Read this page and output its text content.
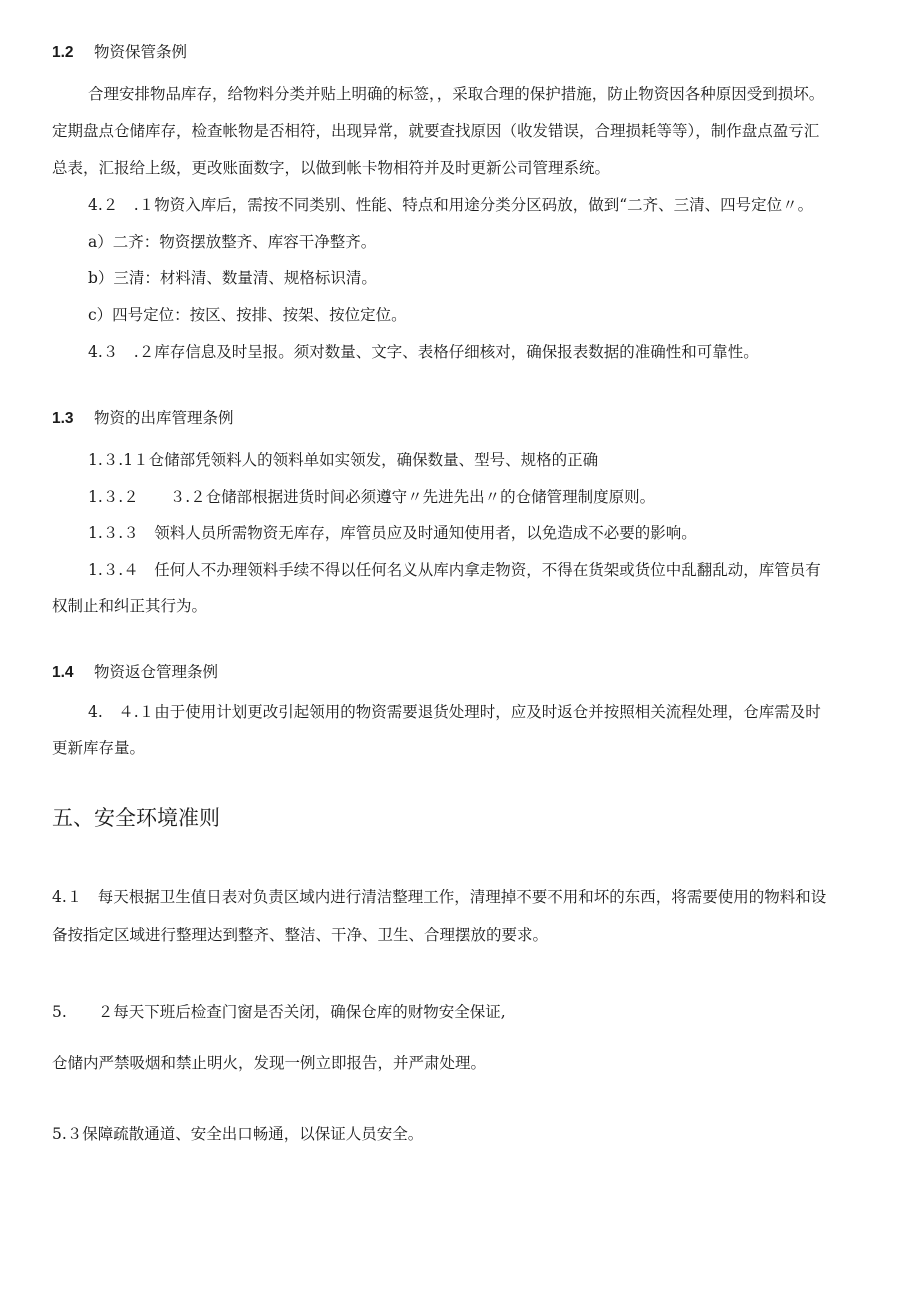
1.2 物资保管条例
合理安排物品库存，给物料分类并贴上明确的标签，，采取合理的保护措施，防止物资因各种原因受到损坏。
定期盘点仓储库存，检查帐物是否相符，出现异常，就要查找原因（收发错误，合理损耗等等），制作盘点盈亏汇
总表，汇报给上级，更改账面数字，以做到帐卡物相符并及时更新公司管理系统。
4.２　.１物资入库后，需按不同类别、性能、特点和用途分类分区码放，做到“二齐、三清、四号定位〃。
a）二齐：物资摆放整齐、库容干净整齐。
b）三清：材料清、数量清、规格标识清。
c）四号定位：按区、按排、按架、按位定位。
4.３　.２库存信息及时呈报。须对数量、文字、表格仔细核对，确保报表数据的准确性和可靠性。
1.3 物资的出库管理条例
1.３.1１仓储部凭领料人的领料单如实领发，确保数量、型号、规格的正确
1.３.２　　３.２仓储部根据进货时间必须遵守〃先进先出〃的仓储管理制度原则。
1.３.３　领料人员所需物资无库存，库管员应及时通知使用者，以免造成不必要的影响。
1.３.４　任何人不办理领料手续不得以任何名义从库内拿走物资，不得在货架或货位中乱翻乱动，库管员有
权制止和纠正其行为。
1.4 物资返仓管理条例
4.　４.１由于使用计划更改引起领用的物资需要退货处理时，应及时返仓并按照相关流程处理，仓库需及时
更新库存量。
五、安全环境准则
4.１　每天根据卫生值日表对负责区域内进行清洁整理工作，清理掉不要不用和坏的东西，将需要使用的物料和设
备按指定区域进行整理达到整齐、整洁、干净、卫生、合理摆放的要求。
5.　　２每天下班后检查门窗是否关闭，确保仓库的财物安全保证,
仓储内严禁吸烟和禁止明火，发现一例立即报告，并严肃处理。
5.３保障疏散通道、安全出口畅通，以保证人员安全。
